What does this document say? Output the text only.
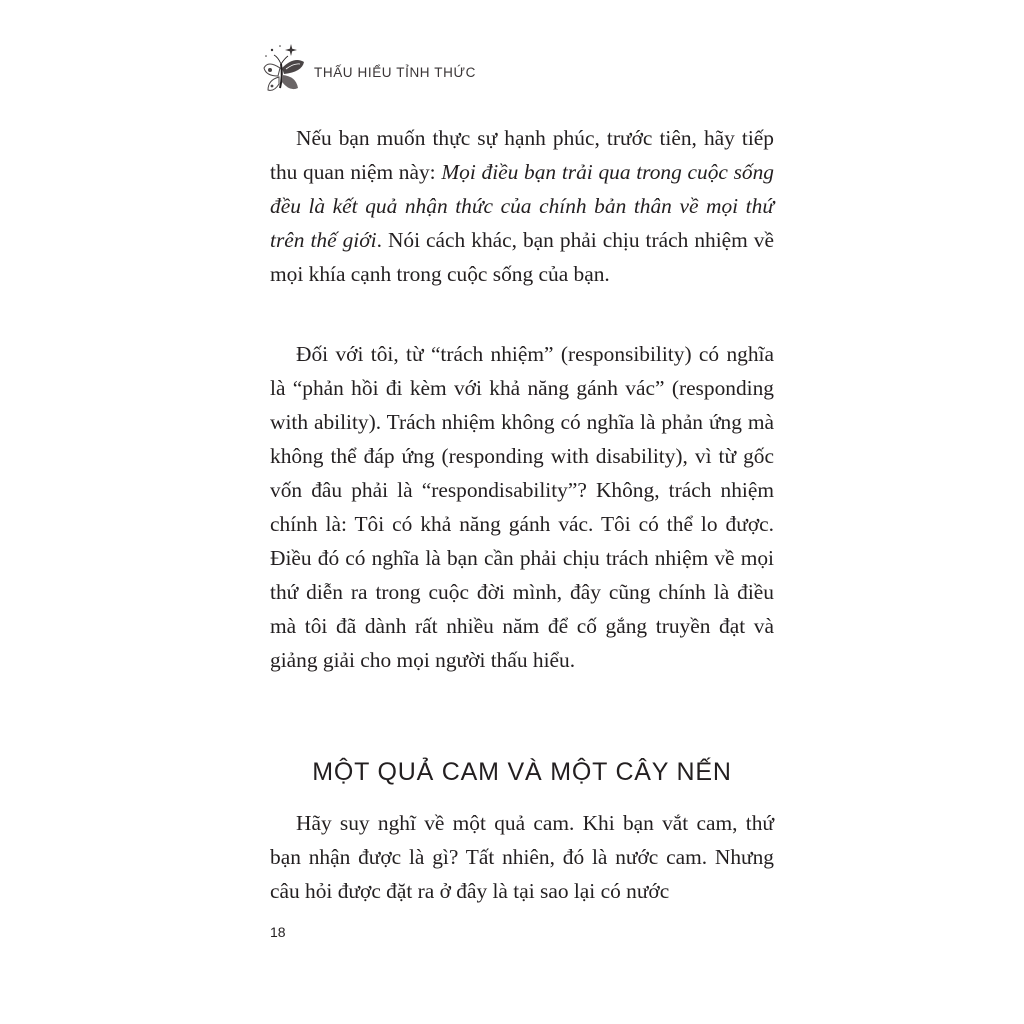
THẤU HIỂU TỈNH THỨC

Nếu bạn muốn thực sự hạnh phúc, trước tiên, hãy tiếp thu quan niệm này: Mọi điều bạn trải qua trong cuộc sống đều là kết quả nhận thức của chính bản thân về mọi thứ trên thế giới. Nói cách khác, bạn phải chịu trách nhiệm về mọi khía cạnh trong cuộc sống của bạn.

Đối với tôi, từ “trách nhiệm” (responsibility) có nghĩa là “phản hồi đi kèm với khả năng gánh vác” (responding with ability). Trách nhiệm không có nghĩa là phản ứng mà không thể đáp ứng (responding with disability), vì từ gốc vốn đâu phải là “respondisability”? Không, trách nhiệm chính là: Tôi có khả năng gánh vác. Tôi có thể lo được. Điều đó có nghĩa là bạn cần phải chịu trách nhiệm về mọi thứ diễn ra trong cuộc đời mình, đây cũng chính là điều mà tôi đã dành rất nhiều năm để cố gắng truyền đạt và giảng giải cho mọi người thấu hiểu.

MỘT QUẢ CAM VÀ MỘT CÂY NẾN

Hãy suy nghĩ về một quả cam. Khi bạn vắt cam, thứ bạn nhận được là gì? Tất nhiên, đó là nước cam. Nhưng câu hỏi được đặt ra ở đây là tại sao lại có nước

18
